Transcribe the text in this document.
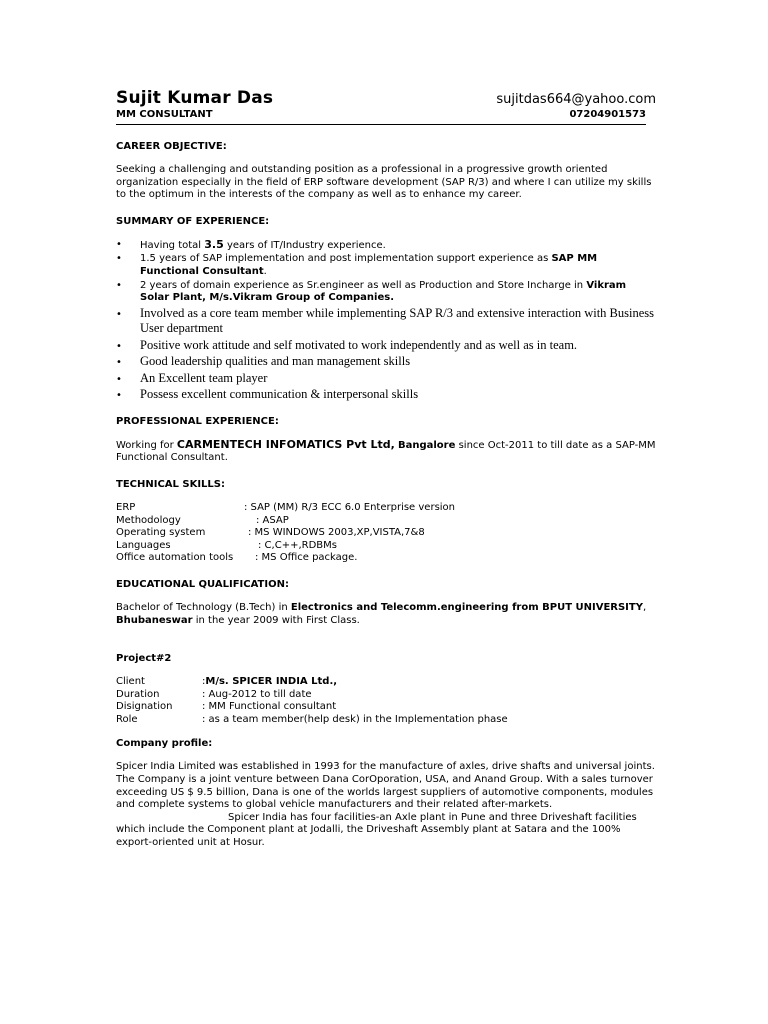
Sujit Kumar Das	sujitdas664@yahoo.com
MM CONSULTANT	07204901573
CAREER OBJECTIVE:
Seeking a challenging and outstanding position as a professional in a progressive growth oriented organization especially in the field of ERP software development (SAP R/3) and where I can utilize my skills to the optimum in the interests of the company as well as to enhance my career.
SUMMARY OF EXPERIENCE:
• Having total 3.5 years of IT/Industry experience.
• 1.5 years of SAP implementation and post implementation support experience as SAP MM Functional Consultant.
• 2 years of domain experience as Sr.engineer as well as Production and Store Incharge in Vikram Solar Plant, M/s.Vikram Group of Companies.
• Involved as a core team member while implementing SAP R/3 and extensive interaction with Business User department
• Positive work attitude and self motivated to work independently and as well as in team.
• Good leadership qualities and man management skills
• An Excellent team player
• Possess excellent communication & interpersonal skills
PROFESSIONAL EXPERIENCE:
Working for CARMENTECH INFOMATICS Pvt Ltd, Bangalore since Oct-2011 to till date as a SAP-MM Functional Consultant.
TECHNICAL SKILLS:
ERP	: SAP (MM) R/3 ECC 6.0 Enterprise version
Methodology	: ASAP
Operating system	: MS WINDOWS 2003,XP,VISTA,7&8
Languages	: C,C++,RDBMs
Office automation tools	: MS Office package.
EDUCATIONAL QUALIFICATION:
Bachelor of Technology (B.Tech) in Electronics and Telecomm.engineering from BPUT UNIVERSITY, Bhubaneswar in the year 2009 with First Class.
Project#2
Client	: M/s. SPICER INDIA Ltd.,
Duration	: Aug-2012 to till date
Disignation	: MM Functional consultant
Role	: as a team member(help desk) in the Implementation phase
Company profile:
Spicer India Limited was established in 1993 for the manufacture of axles, drive shafts and universal joints. The Company is a joint venture between Dana CorOporation, USA, and Anand Group. With a sales turnover exceeding US $ 9.5 billion, Dana is one of the worlds largest suppliers of automotive components, modules and complete systems to global vehicle manufacturers and their related after-markets.
Spicer India has four facilities-an Axle plant in Pune and three Driveshaft facilities which include the Component plant at Jodalli, the Driveshaft Assembly plant at Satara and the 100% export-oriented unit at Hosur.
